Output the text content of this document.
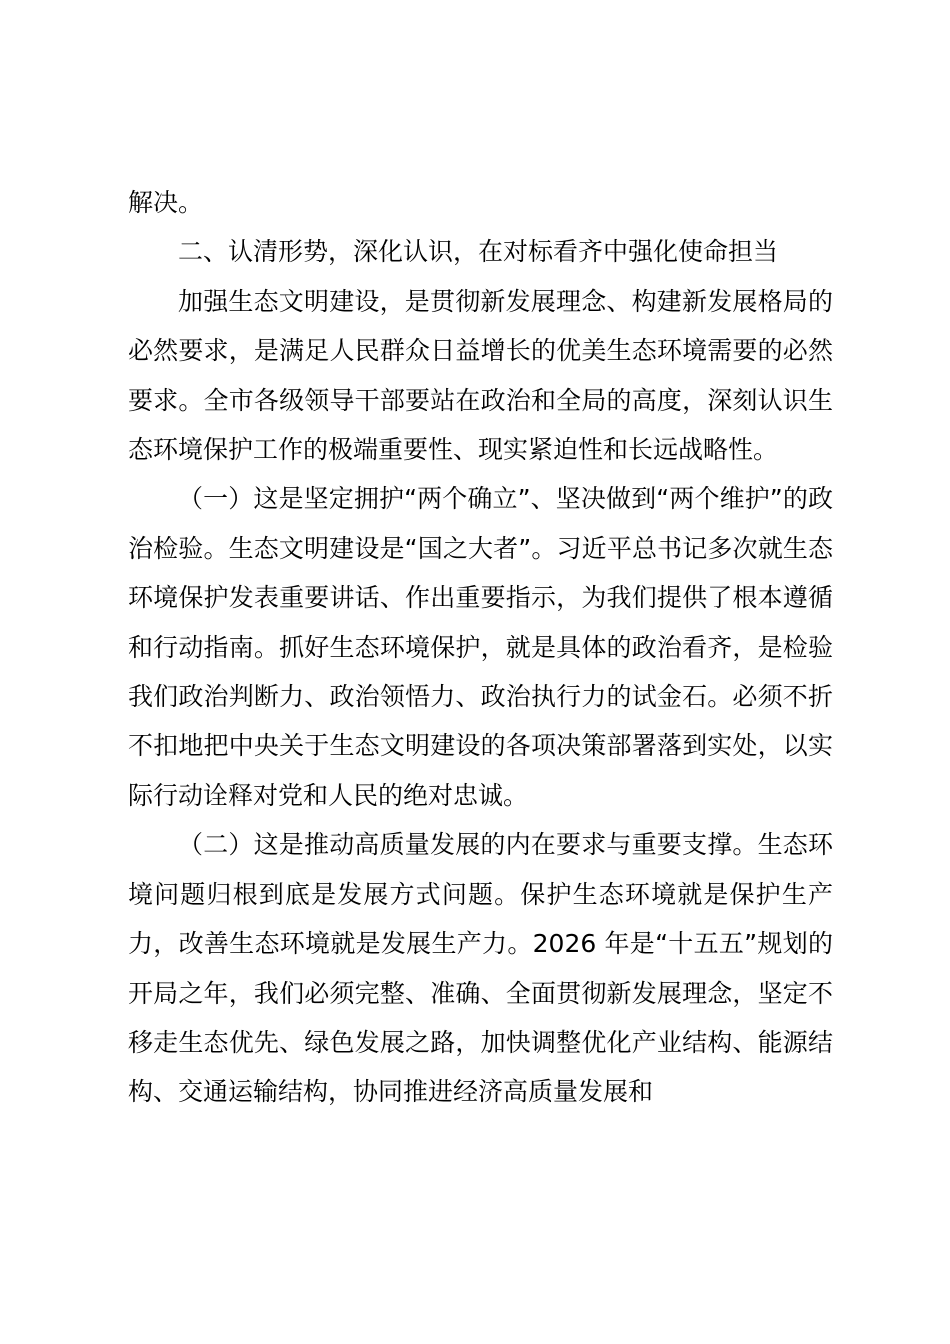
解决。

二、认清形势，深化认识，在对标看齐中强化使命担当

加强生态文明建设，是贯彻新发展理念、构建新发展格局的必然要求，是满足人民群众日益增长的优美生态环境需要的必然要求。全市各级领导干部要站在政治和全局的高度，深刻认识生态环境保护工作的极端重要性、现实紧迫性和长远战略性。

（一）这是坚定拥护“两个确立”、坚决做到“两个维护”的政治检验。生态文明建设是“国之大者”。习近平总书记多次就生态环境保护发表重要讲话、作出重要指示，为我们提供了根本遵循和行动指南。抓好生态环境保护，就是具体的政治看齐，是检验我们政治判断力、政治领悟力、政治执行力的试金石。必须不折不扣地把中央关于生态文明建设的各项决策部署落到实处，以实际行动诠释对党和人民的绝对忠诚。

（二）这是推动高质量发展的内在要求与重要支撑。生态环境问题归根到底是发展方式问题。保护生态环境就是保护生产力，改善生态环境就是发展生产力。2026 年是“十五五”规划的开局之年，我们必须完整、准确、全面贯彻新发展理念，坚定不移走生态优先、绿色发展之路，加快调整优化产业结构、能源结构、交通运输结构，协同推进经济高质量发展和
